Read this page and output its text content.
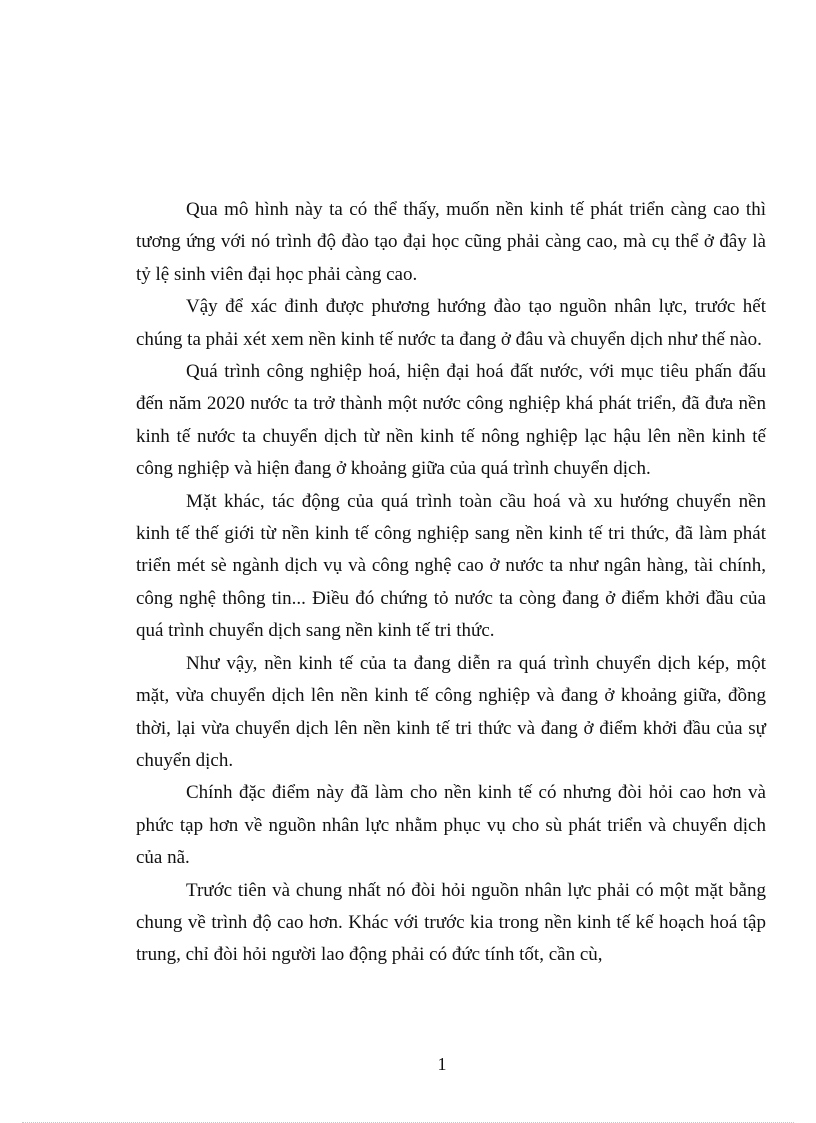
Qua mô hình này ta có thể thấy, muốn nền kinh tế phát triển càng cao thì tương ứng với nó trình độ đào tạo đại học cũng phải càng cao, mà cụ thể ở đây là tỷ lệ sinh viên đại học phải càng cao.

Vậy để xác đinh được phương hướng đào tạo nguồn nhân lực, trước hết chúng ta phải xét xem nền kinh tế nước ta đang ở đâu và chuyển dịch như thế nào.

Quá trình công nghiệp hoá, hiện đại hoá đất nước, với mục tiêu phấn đấu đến năm 2020 nước ta trở thành một nước công nghiệp khá phát triển, đã đưa nền kinh tế nước ta chuyển dịch từ nền kinh tế nông nghiệp lạc hậu lên nền kinh tế công nghiệp và hiện đang ở khoảng giữa của quá trình chuyển dịch.

Mặt khác, tác động của quá trình toàn cầu hoá và xu hướng chuyển nền kinh tế thế giới từ nền kinh tế công nghiệp sang nền kinh tế tri thức, đã làm phát triển mét sè ngành dịch vụ và công nghệ cao ở nước ta như ngân hàng, tài chính, công nghệ thông tin... Điều đó chứng tỏ nước ta còng đang ở điểm khởi đầu của quá trình chuyển dịch sang nền kinh tế tri thức.

Như vậy, nền kinh tế của ta đang diễn ra quá trình chuyển dịch kép, một mặt, vừa chuyển dịch lên nền kinh tế công nghiệp và đang ở khoảng giữa, đồng thời, lại vừa chuyển dịch lên nền kinh tế tri thức và đang ở điểm khởi đầu của sự chuyển dịch.

Chính đặc điểm này đã làm cho nền kinh tế có nhưng đòi hỏi cao hơn và phức tạp hơn về nguồn nhân lực nhằm phục vụ cho sù phát triển và chuyển dịch của nã.

Trước tiên và chung nhất nó đòi hỏi nguồn nhân lực phải có một mặt bằng chung về trình độ cao hơn. Khác với trước kia trong nền kinh tế kế hoạch hoá tập trung, chỉ đòi hỏi người lao động phải có đức tính tốt, cần cù,

1
